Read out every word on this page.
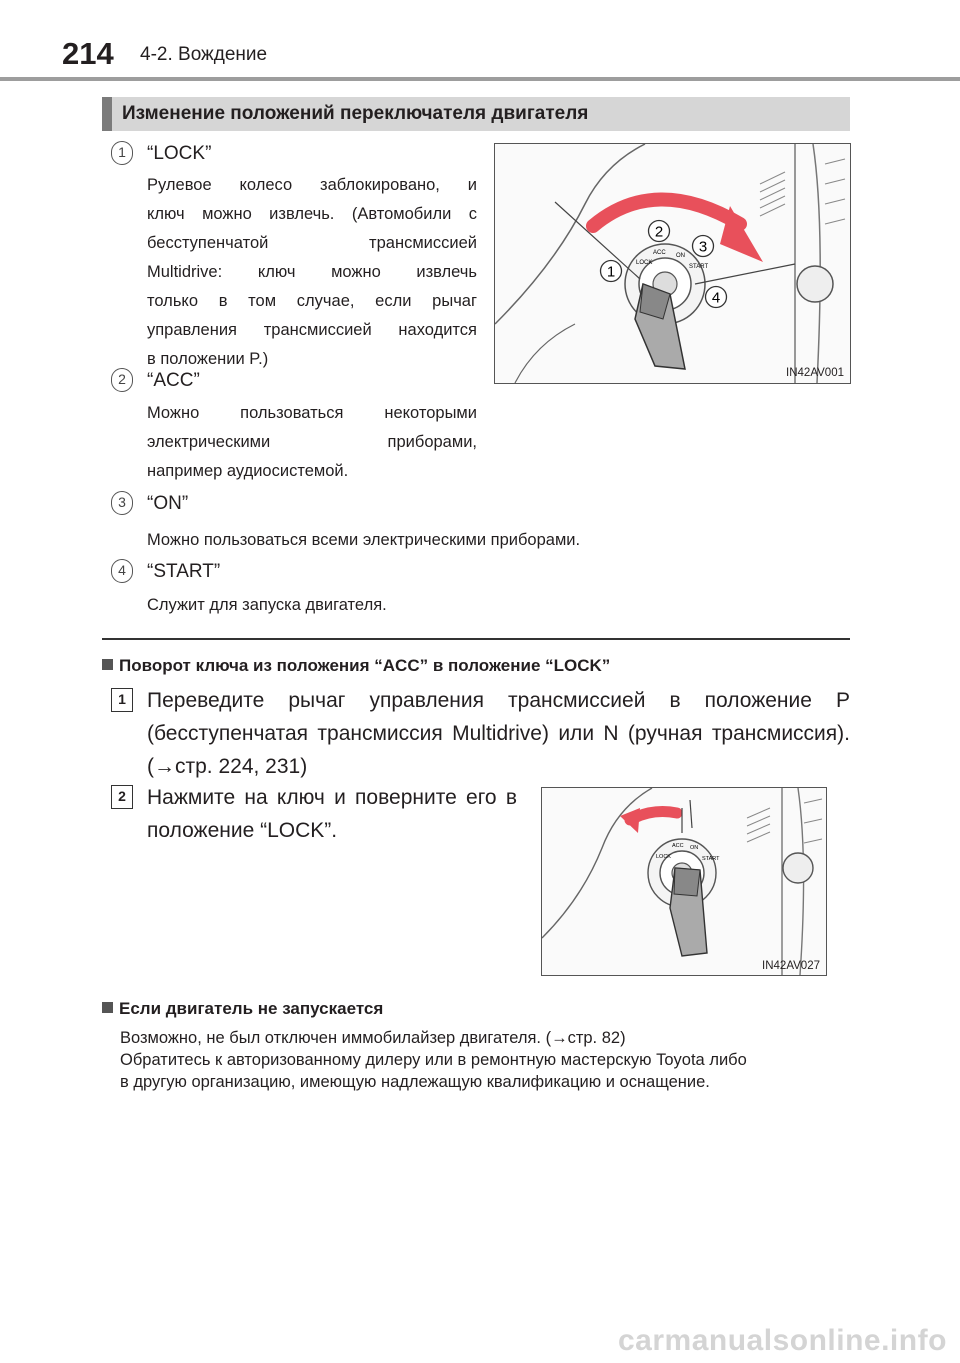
214 4-2. Вождение
Изменение положений переключателя двигателя
1	“LOCK”
Рулевое колесо заблокировано, и
ключ можно извлечь. (Автомобили с
бесступенчатой трансмиссией
Multidrive: ключ можно извлечь
только в том случае, если рычаг
управления трансмиссией находится
в положении P.)
2	“ACC”
Можно пользоваться некоторыми
электрическими приборами,
например аудиосистемой.
3	“ON”
Можно пользоваться всеми электрическими приборами.
4	“START”
Служит для запуска двигателя.
LOCK
ACC ON
START
2
3
1
4
IN42AV001
Поворот ключа из положения “ACC” в положение “LOCK”
1	Переведите рычаг управления трансмиссией в положение P
(бесступенчатая трансмиссия Multidrive) или N (ручная трансмиссия).
(→стр. 224, 231)
2	Нажмите на ключ и поверните его в
положение “LOCK”.
LOCK
ACC ON
START
IN42AV027
Если двигатель не запускается
Возможно, не был отключен иммобилайзер двигателя. (→стр. 82)
Обратитесь к авторизованному дилеру или в ремонтную мастерскую Toyota либо
в другую организацию, имеющую надлежащую квалификацию и оснащение.
carmanualsonline.info
